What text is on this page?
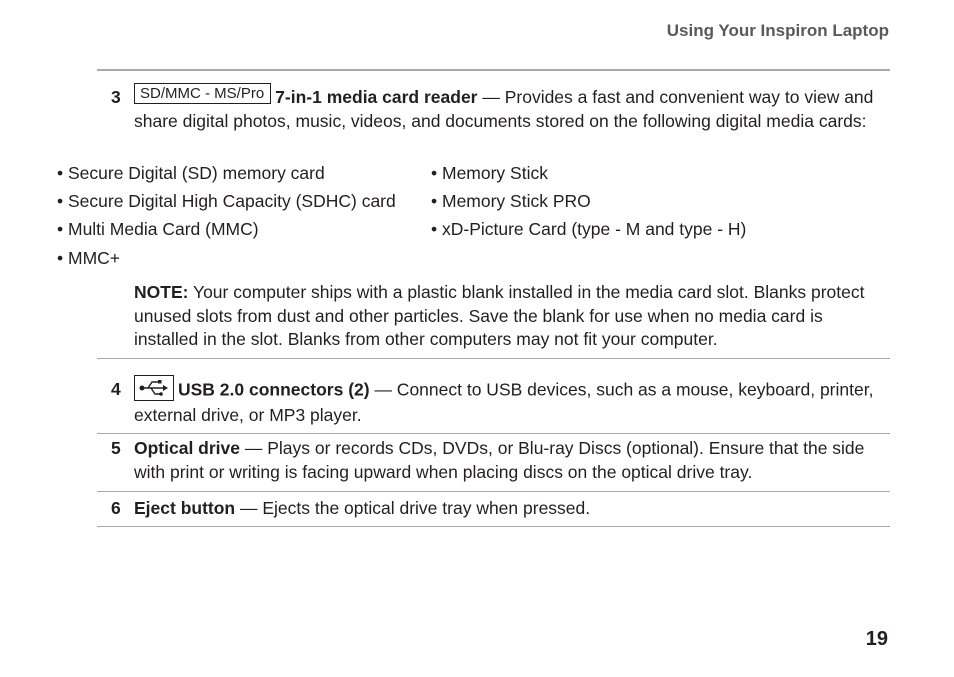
Using Your Inspiron Laptop
3	SD/MMC - MS/Pro 7-in-1 media card reader — Provides a fast and convenient way to view and share digital photos, music, videos, and documents stored on the following digital media cards:
• Secure Digital (SD) memory card
• Secure Digital High Capacity (SDHC) card
• Multi Media Card (MMC)
• MMC+
• Memory Stick
• Memory Stick PRO
• xD-Picture Card (type - M and type - H)
NOTE: Your computer ships with a plastic blank installed in the media card slot. Blanks protect unused slots from dust and other particles. Save the blank for use when no media card is installed in the slot. Blanks from other computers may not fit your computer.
4	USB 2.0 connectors (2) — Connect to USB devices, such as a mouse, keyboard, printer, external drive, or MP3 player.
5 Optical drive — Plays or records CDs, DVDs, or Blu-ray Discs (optional). Ensure that the side with print or writing is facing upward when placing discs on the optical drive tray.
6 Eject button — Ejects the optical drive tray when pressed.
19
